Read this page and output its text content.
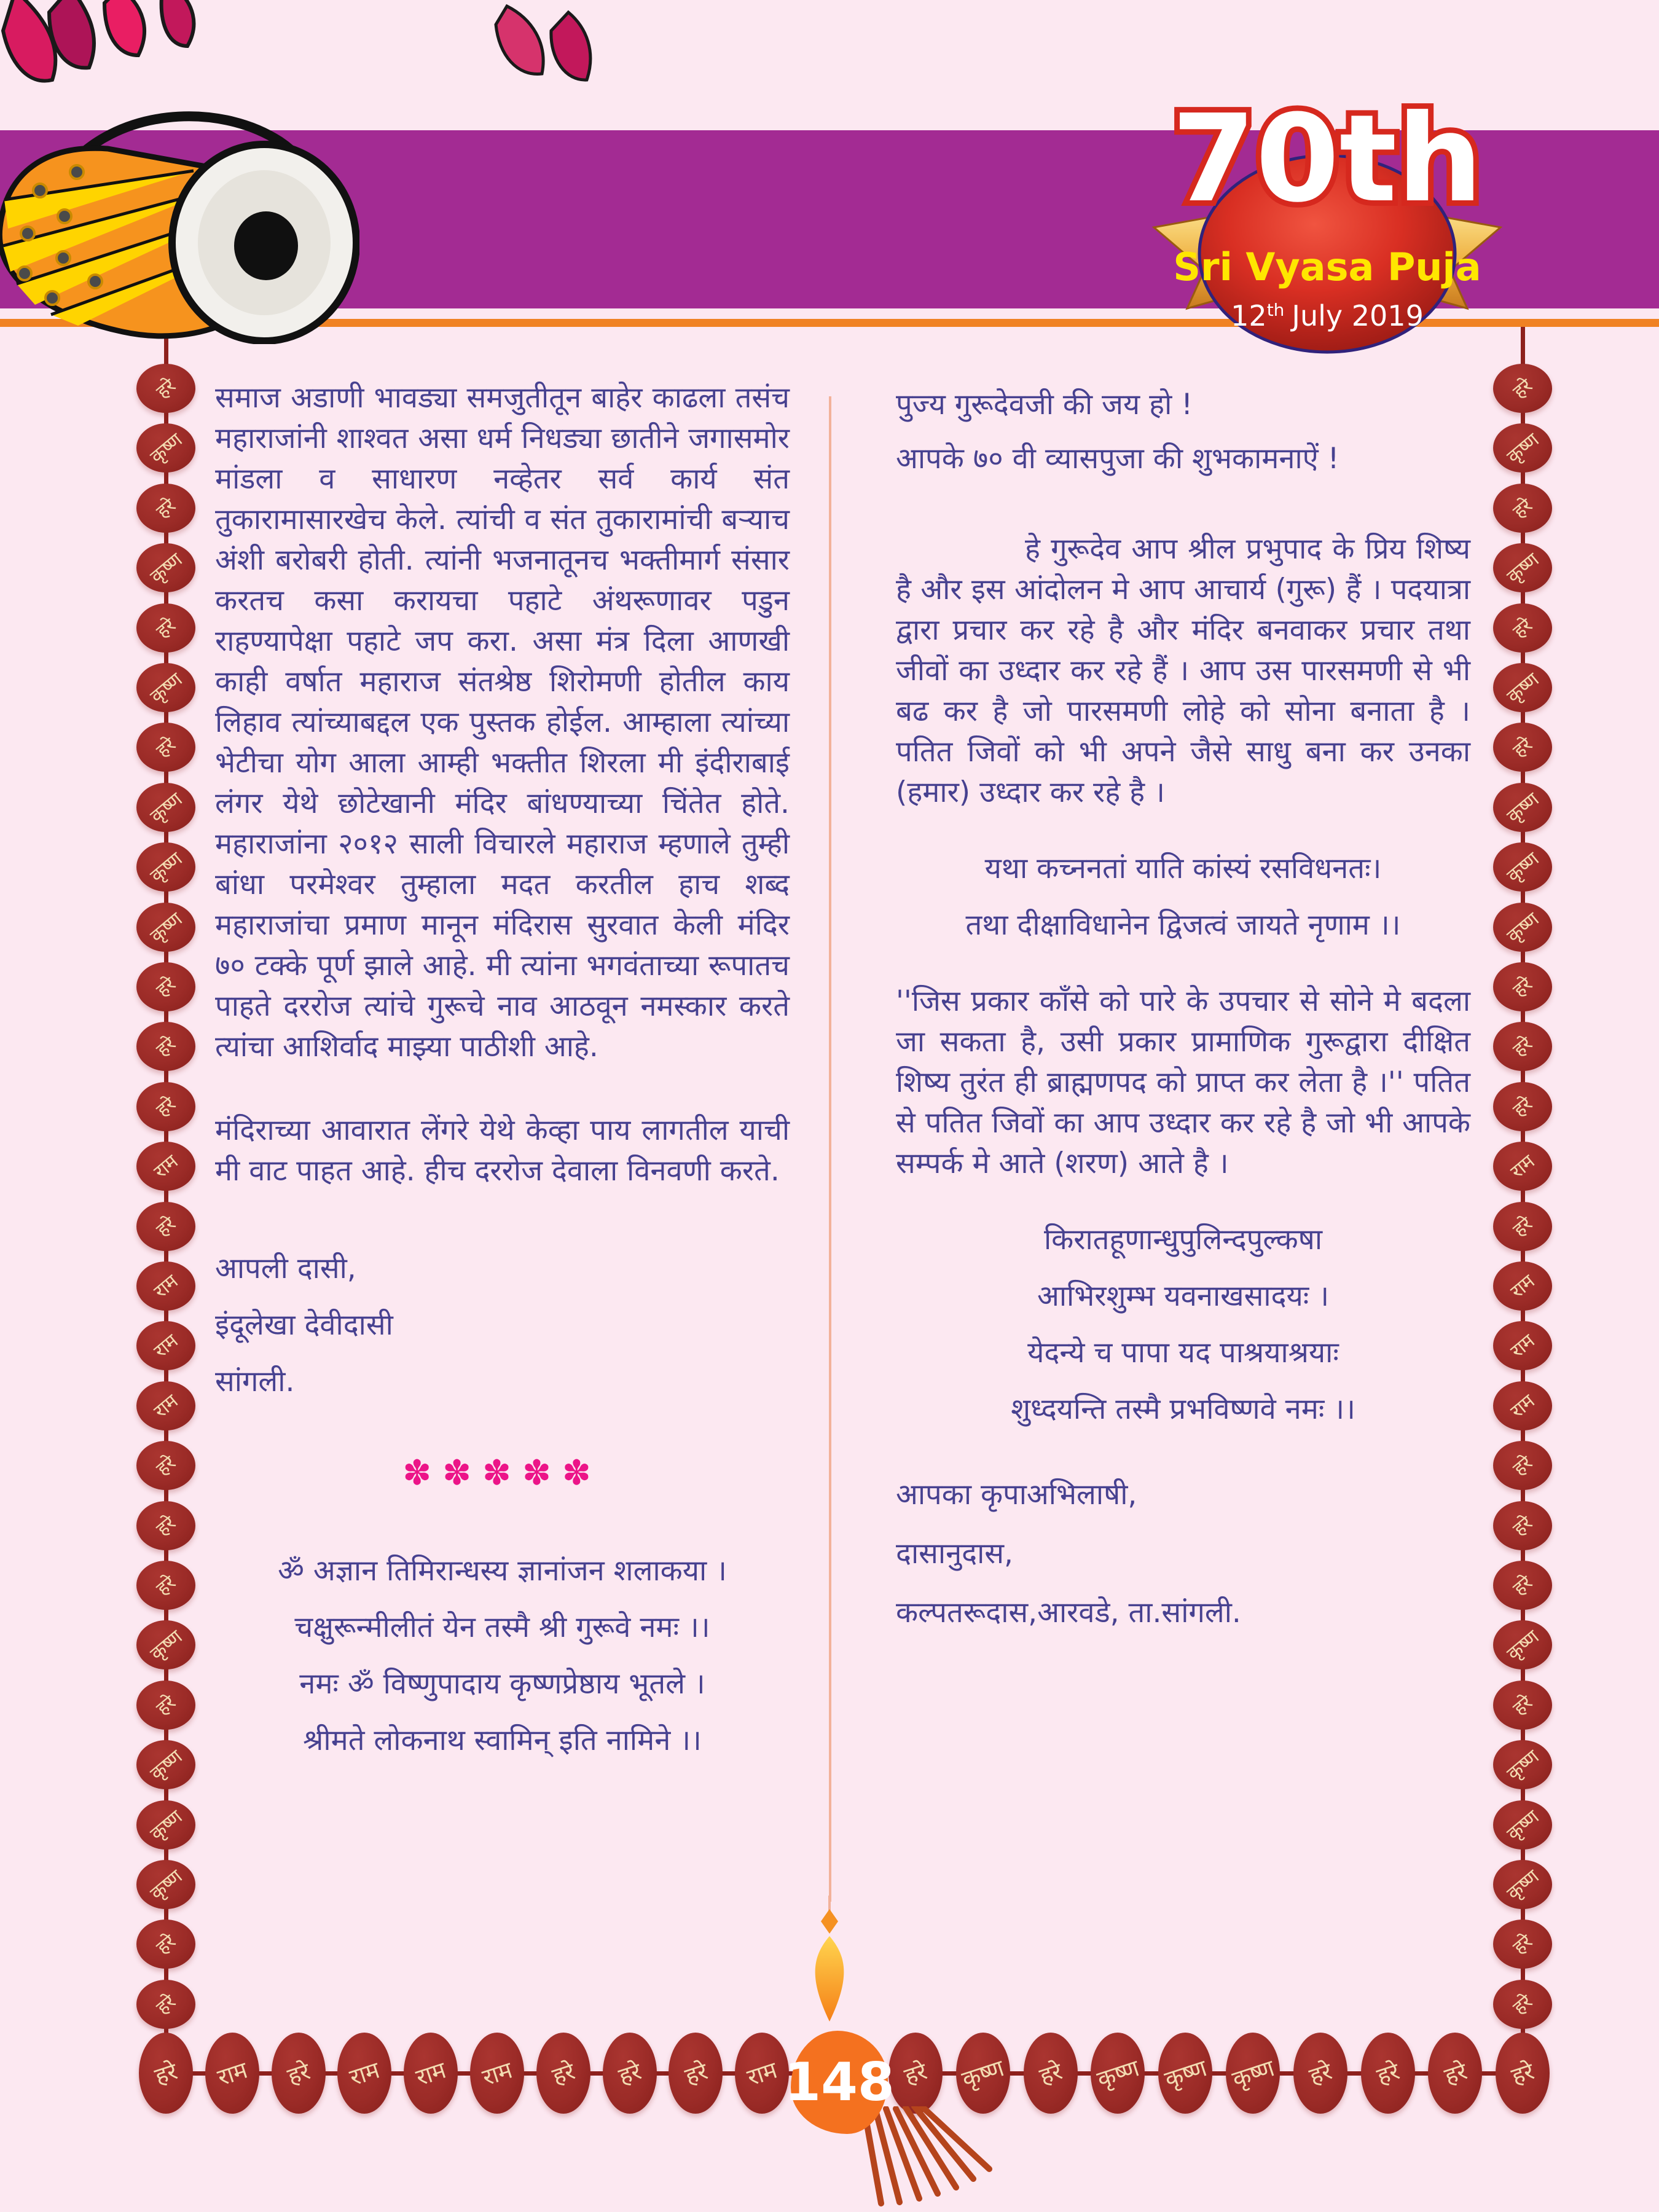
70th
Sri Vyasa Puja
12th July 2019
हरे
कृष्ण
हरे
कृष्ण
हरे
कृष्ण
हरे
कृष्ण
कृष्ण
कृष्ण
हरे
हरे
हरे
राम
हरे
राम
राम
राम
हरे
हरे
हरे
कृष्ण
हरे
कृष्ण
कृष्ण
कृष्ण
हरे
हरे
हरे
कृष्ण
हरे
कृष्ण
हरे
कृष्ण
हरे
कृष्ण
कृष्ण
कृष्ण
हरे
हरे
हरे
राम
हरे
राम
राम
राम
हरे
हरे
हरे
कृष्ण
हरे
कृष्ण
कृष्ण
कृष्ण
हरे
हरे
हरे राम हरे राम राम राम हरे हरे हरे राम	हरे कृष्ण हरे कृष्ण कृष्ण कृष्ण हरे हरे हरे हरे

समाज अडाणी भावड्या समजुतीतून बाहेर काढला तसंच महाराजांनी शाश्वत असा धर्म निधड्या छातीने जगासमोर मांडला व साधारण नव्हेतर सर्व कार्य संत तुकारामासारखेच केले. त्यांची व संत तुकारामांची बऱ्याच अंशी बरोबरी होती. त्यांनी भजनातूनच भक्तीमार्ग संसार करतच कसा करायचा पहाटे अंथरूणावर पडुन राहण्यापेक्षा पहाटे जप करा. असा मंत्र दिला आणखी काही वर्षात महाराज संतश्रेष्ठ शिरोमणी होतील काय लिहाव त्यांच्याबद्दल एक पुस्तक होईल. आम्हाला त्यांच्या भेटीचा योग आला आम्ही भक्तीत शिरला मी इंदीराबाई लंगर येथे छोटेखानी मंदिर बांधण्याच्या चिंतेत होते. महाराजांना २०१२ साली विचारले महाराज म्हणाले तुम्ही बांधा परमेश्वर तुम्हाला मदत करतील हाच शब्द महाराजांचा प्रमाण मानून मंदिरास सुरवात केली मंदिर ७० टक्के पूर्ण झाले आहे. मी त्यांना भगवंताच्या रूपातच पाहते दररोज त्यांचे गुरूचे नाव आठवून नमस्कार करते त्यांचा आशिर्वाद माझ्या पाठीशी आहे.

मंदिराच्या आवारात लेंगरे येथे केव्हा पाय लागतील याची मी वाट पाहत आहे. हीच दररोज देवाला विनवणी करते.

आपली दासी,
इंदूलेखा देवीदासी
सांगली.
✽✽✽✽✽
ॐ अज्ञान तिमिरान्धस्य ज्ञानांजन शलाकया ।
चक्षुरून्मीलीतं येन तस्मै श्री गुरूवे नमः ।।
नमः ॐ विष्णुपादाय कृष्णप्रेष्ठाय भूतले ।
श्रीमते लोकनाथ स्वामिन् इति नामिने ।।
पुज्य गुरूदेवजी की जय हो !
आपके ७० वी व्यासपुजा की शुभकामनाऐं !

हे गुरूदेव आप श्रील प्रभुपाद के प्रिय शिष्य है और इस आंदोलन मे आप आचार्य (गुरू) हैं । पदयात्रा द्वारा प्रचार कर रहे है और मंदिर बनवाकर प्रचार तथा जीवों का उध्दार कर रहे हैं । आप उस पारसमणी से भी बढ कर है जो पारसमणी लोहे को सोना बनाता है । पतित जिवों को भी अपने जैसे साधु बना कर उनका (हमार) उध्दार कर रहे है ।

यथा कच्ननतां याति कांस्यं रसविधनतः।
तथा दीक्षाविधानेन द्विजत्वं जायते नृणाम ।।

''जिस प्रकार काँसे को पारे के उपचार से सोने मे बदला जा सकता है, उसी प्रकार प्रामाणिक गुरूद्वारा दीक्षित शिष्य तुरंत ही ब्राह्मणपद को प्राप्त कर लेता है ।'' पतित से पतित जिवों का आप उध्दार कर रहे है जो भी आपके सम्पर्क मे आते (शरण) आते है ।

किरातहूणान्धुपुलिन्दपुल्कषा
आभिरशुम्भ यवनाखसादयः ।
येदन्ये च पापा यद पाश्रयाश्रयाः
शुध्दयन्ति तस्मै प्रभविष्णवे नमः ।।
आपका कृपाअभिलाषी,
दासानुदास,
कल्पतरूदास,आरवडे, ता.सांगली.
148
